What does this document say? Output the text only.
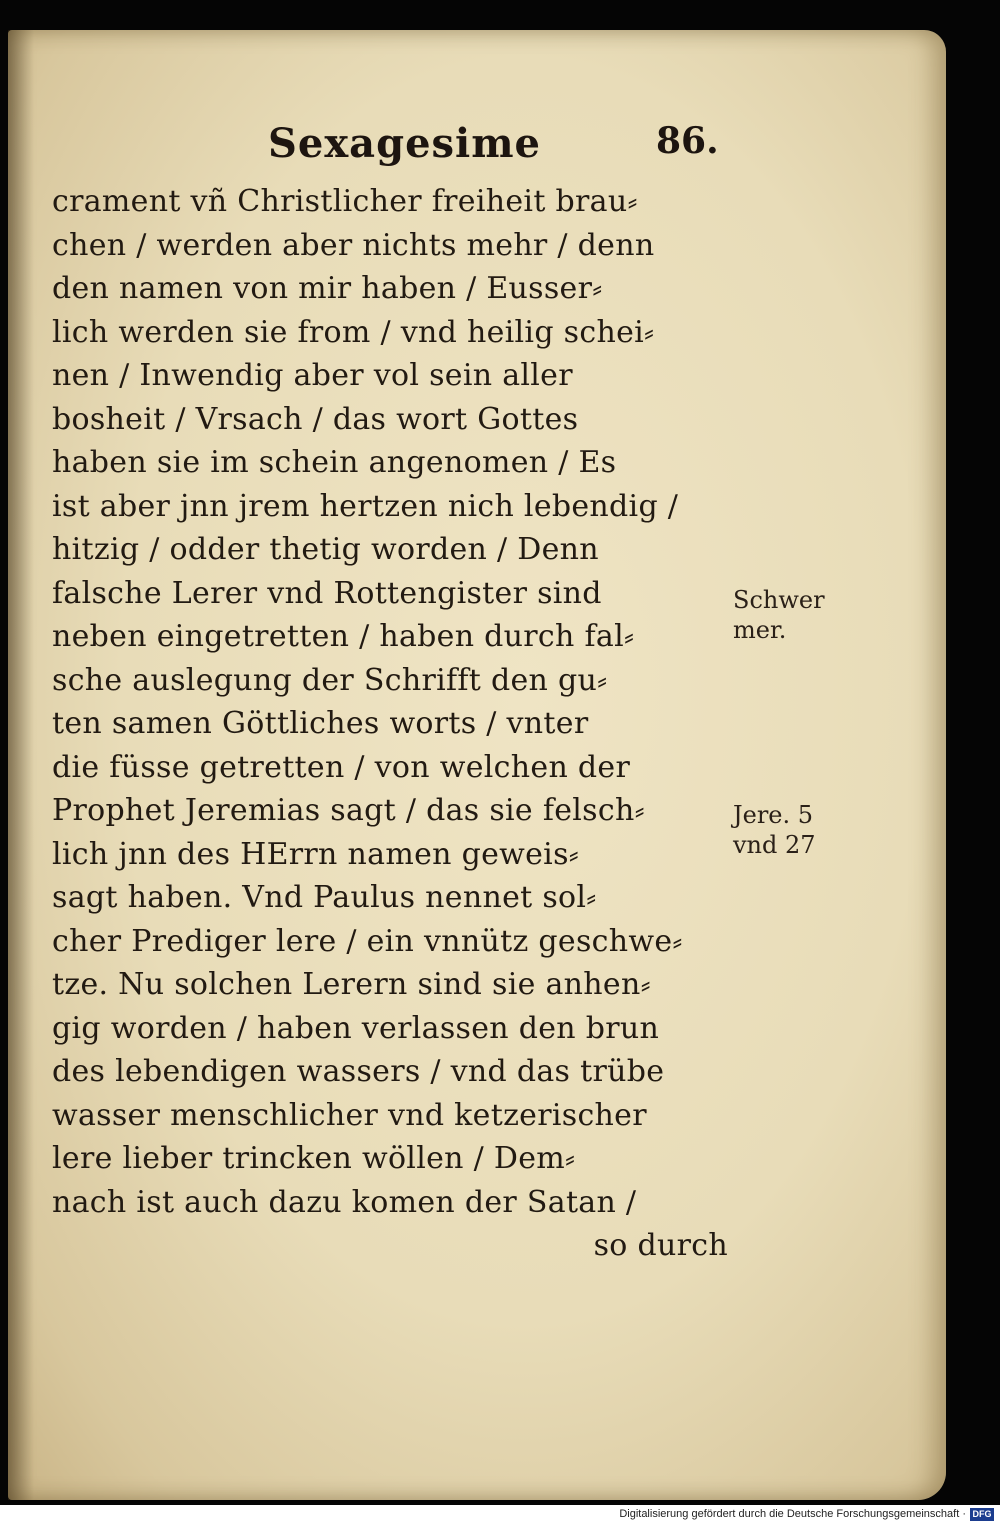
Sexagesime	86.
crament vñ Christlicher freiheit brau⸗
chen / werden aber nichts mehr / denn
den namen von mir haben / Eusser⸗
lich werden sie from / vnd heilig schei⸗
nen / Inwendig aber vol sein aller
bosheit / Vrsach / das wort Gottes
haben sie im schein angenomen / Es
ist aber jnn jrem hertzen nich lebendig /
hitzig / odder thetig worden / Denn
falsche Lerer vnd Rottengister sind
neben eingetretten / haben durch fal⸗
sche auslegung der Schrifft den gu⸗
ten samen Göttliches worts / vnter
die füsse getretten / von welchen der
Prophet Jeremias sagt / das sie felsch⸗
lich jnn des HErrn namen geweis⸗
sagt haben. Vnd Paulus nennet sol⸗
cher Prediger lere / ein vnnütz geschwe⸗
tze. Nu solchen Lerern sind sie anhen⸗
gig worden / haben verlassen den brun
des lebendigen wassers / vnd das trübe
wasser menschlicher vnd ketzerischer
lere lieber trincken wöllen / Dem⸗
nach ist auch dazu komen der Satan /
so durch
Schwer
mer.
Jere. 5
vnd 27
Digitalisierung gefördert durch die Deutsche Forschungsgemeinschaft · DFG
